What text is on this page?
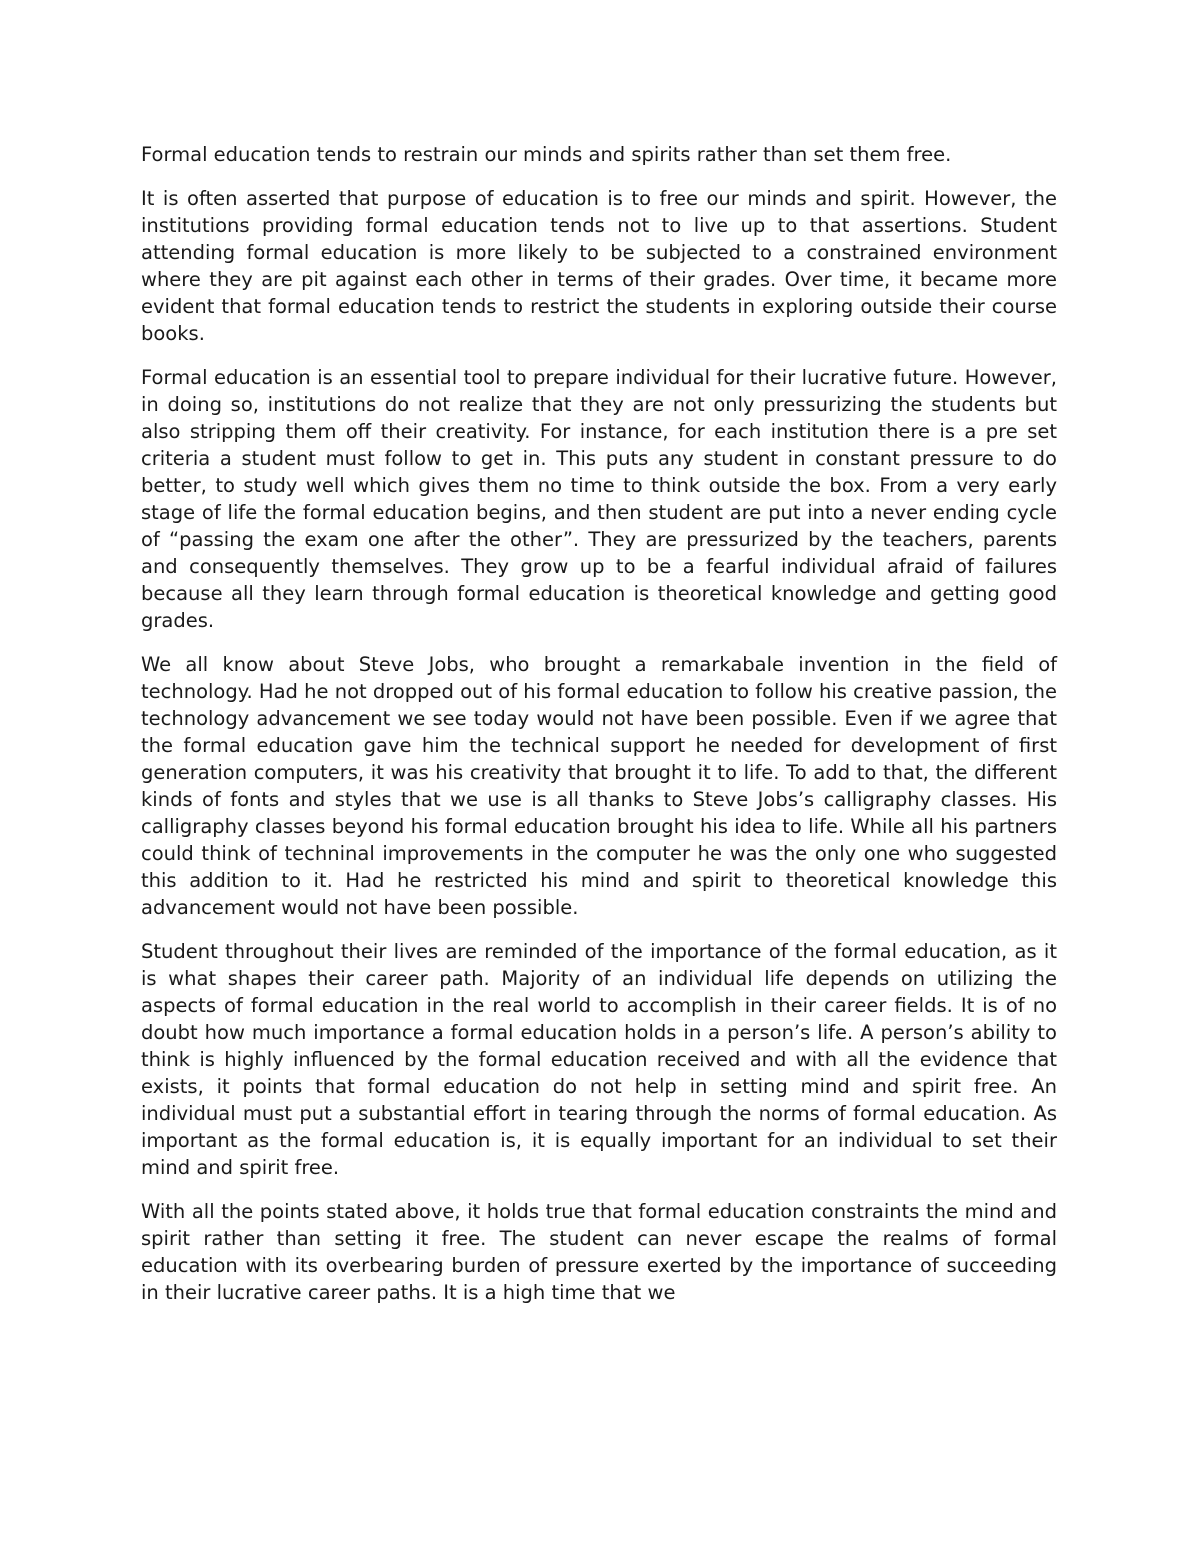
Formal education tends to restrain our minds and spirits rather than set them free.

It is often asserted that purpose of education is to free our minds and spirit. However, the institutions providing formal education tends not to live up to that assertions. Student attending formal education is more likely to be subjected to a constrained environment where they are pit against each other in terms of their grades. Over time, it became more evident that formal education tends to restrict the students in exploring outside their course books.

Formal education is an essential tool to prepare individual for their lucrative future. However, in doing so, institutions do not realize that they are not only pressurizing the students but also stripping them off their creativity. For instance, for each institution there is a pre set criteria a student must follow to get in. This puts any student in constant pressure to do better, to study well which gives them no time to think outside the box. From a very early stage of life the formal education begins, and then student are put into a never ending cycle of “passing the exam one after the other”. They are pressurized by the teachers, parents and consequently themselves. They grow up to be a fearful individual afraid of failures because all they learn through formal education is theoretical knowledge and getting good grades.

We all know about Steve Jobs, who brought a remarkabale invention in the field of technology. Had he not dropped out of his formal education to follow his creative passion, the technology advancement we see today would not have been possible. Even if we agree that the formal education gave him the technical support he needed for development of first generation computers, it was his creativity that brought it to life. To add to that, the different kinds of fonts and styles that we use is all thanks to Steve Jobs’s calligraphy classes. His calligraphy classes beyond his formal education brought his idea to life. While all his partners could think of techninal improvements in the computer he was the only one who suggested this addition to it. Had he restricted his mind and spirit to theoretical knowledge this advancement would not have been possible.

Student throughout their lives are reminded of the importance of the formal education, as it is what shapes their career path. Majority of an individual life depends on utilizing the aspects of formal education in the real world to accomplish in their career fields. It is of no doubt how much importance a formal education holds in a person’s life. A person’s ability to think is highly influenced by the formal education received and with all the evidence that exists, it points that formal education do not help in setting mind and spirit free. An individual must put a substantial effort in tearing through the norms of formal education. As important as the formal education is, it is equally important for an individual to set their mind and spirit free.

With all the points stated above, it holds true that formal education constraints the mind and spirit rather than setting it free. The student can never escape the realms of formal education with its overbearing burden of pressure exerted by the importance of succeeding in their lucrative career paths. It is a high time that we
